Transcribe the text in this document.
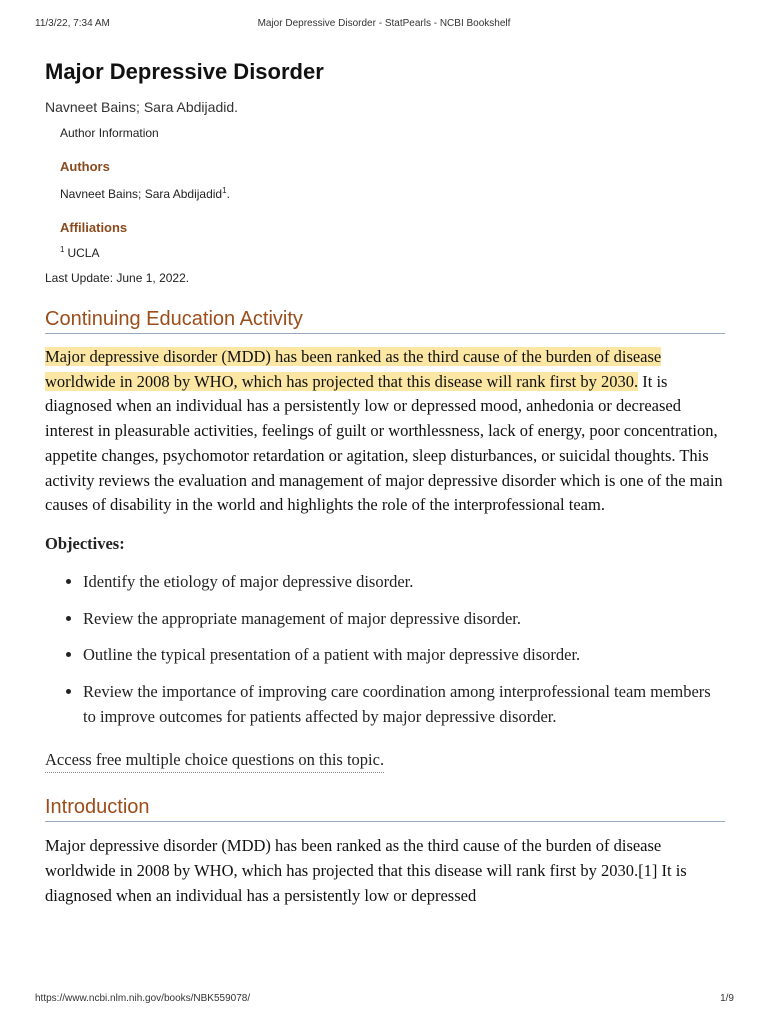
11/3/22, 7:34 AM	Major Depressive Disorder - StatPearls - NCBI Bookshelf
Major Depressive Disorder
Navneet Bains; Sara Abdijadid.
Author Information
Authors
Navneet Bains; Sara Abdijadid$^1$.
Affiliations
$^1$ UCLA
Last Update: June 1, 2022.
Continuing Education Activity

Major depressive disorder (MDD) has been ranked as the third cause of the burden of disease worldwide in 2008 by WHO, which has projected that this disease will rank first by 2030. It is diagnosed when an individual has a persistently low or depressed mood, anhedonia or decreased interest in pleasurable activities, feelings of guilt or worthlessness, lack of energy, poor concentration, appetite changes, psychomotor retardation or agitation, sleep disturbances, or suicidal thoughts. This activity reviews the evaluation and management of major depressive disorder which is one of the main causes of disability in the world and highlights the role of the interprofessional team.

Objectives:
• Identify the etiology of major depressive disorder.
• Review the appropriate management of major depressive disorder.
• Outline the typical presentation of a patient with major depressive disorder.
• Review the importance of improving care coordination among interprofessional team members to improve outcomes for patients affected by major depressive disorder.
Access free multiple choice questions on this topic.
Introduction

Major depressive disorder (MDD) has been ranked as the third cause of the burden of disease worldwide in 2008 by WHO, which has projected that this disease will rank first by 2030.[1] It is diagnosed when an individual has a persistently low or depressed

https://www.ncbi.nlm.nih.gov/books/NBK559078/	1/9
